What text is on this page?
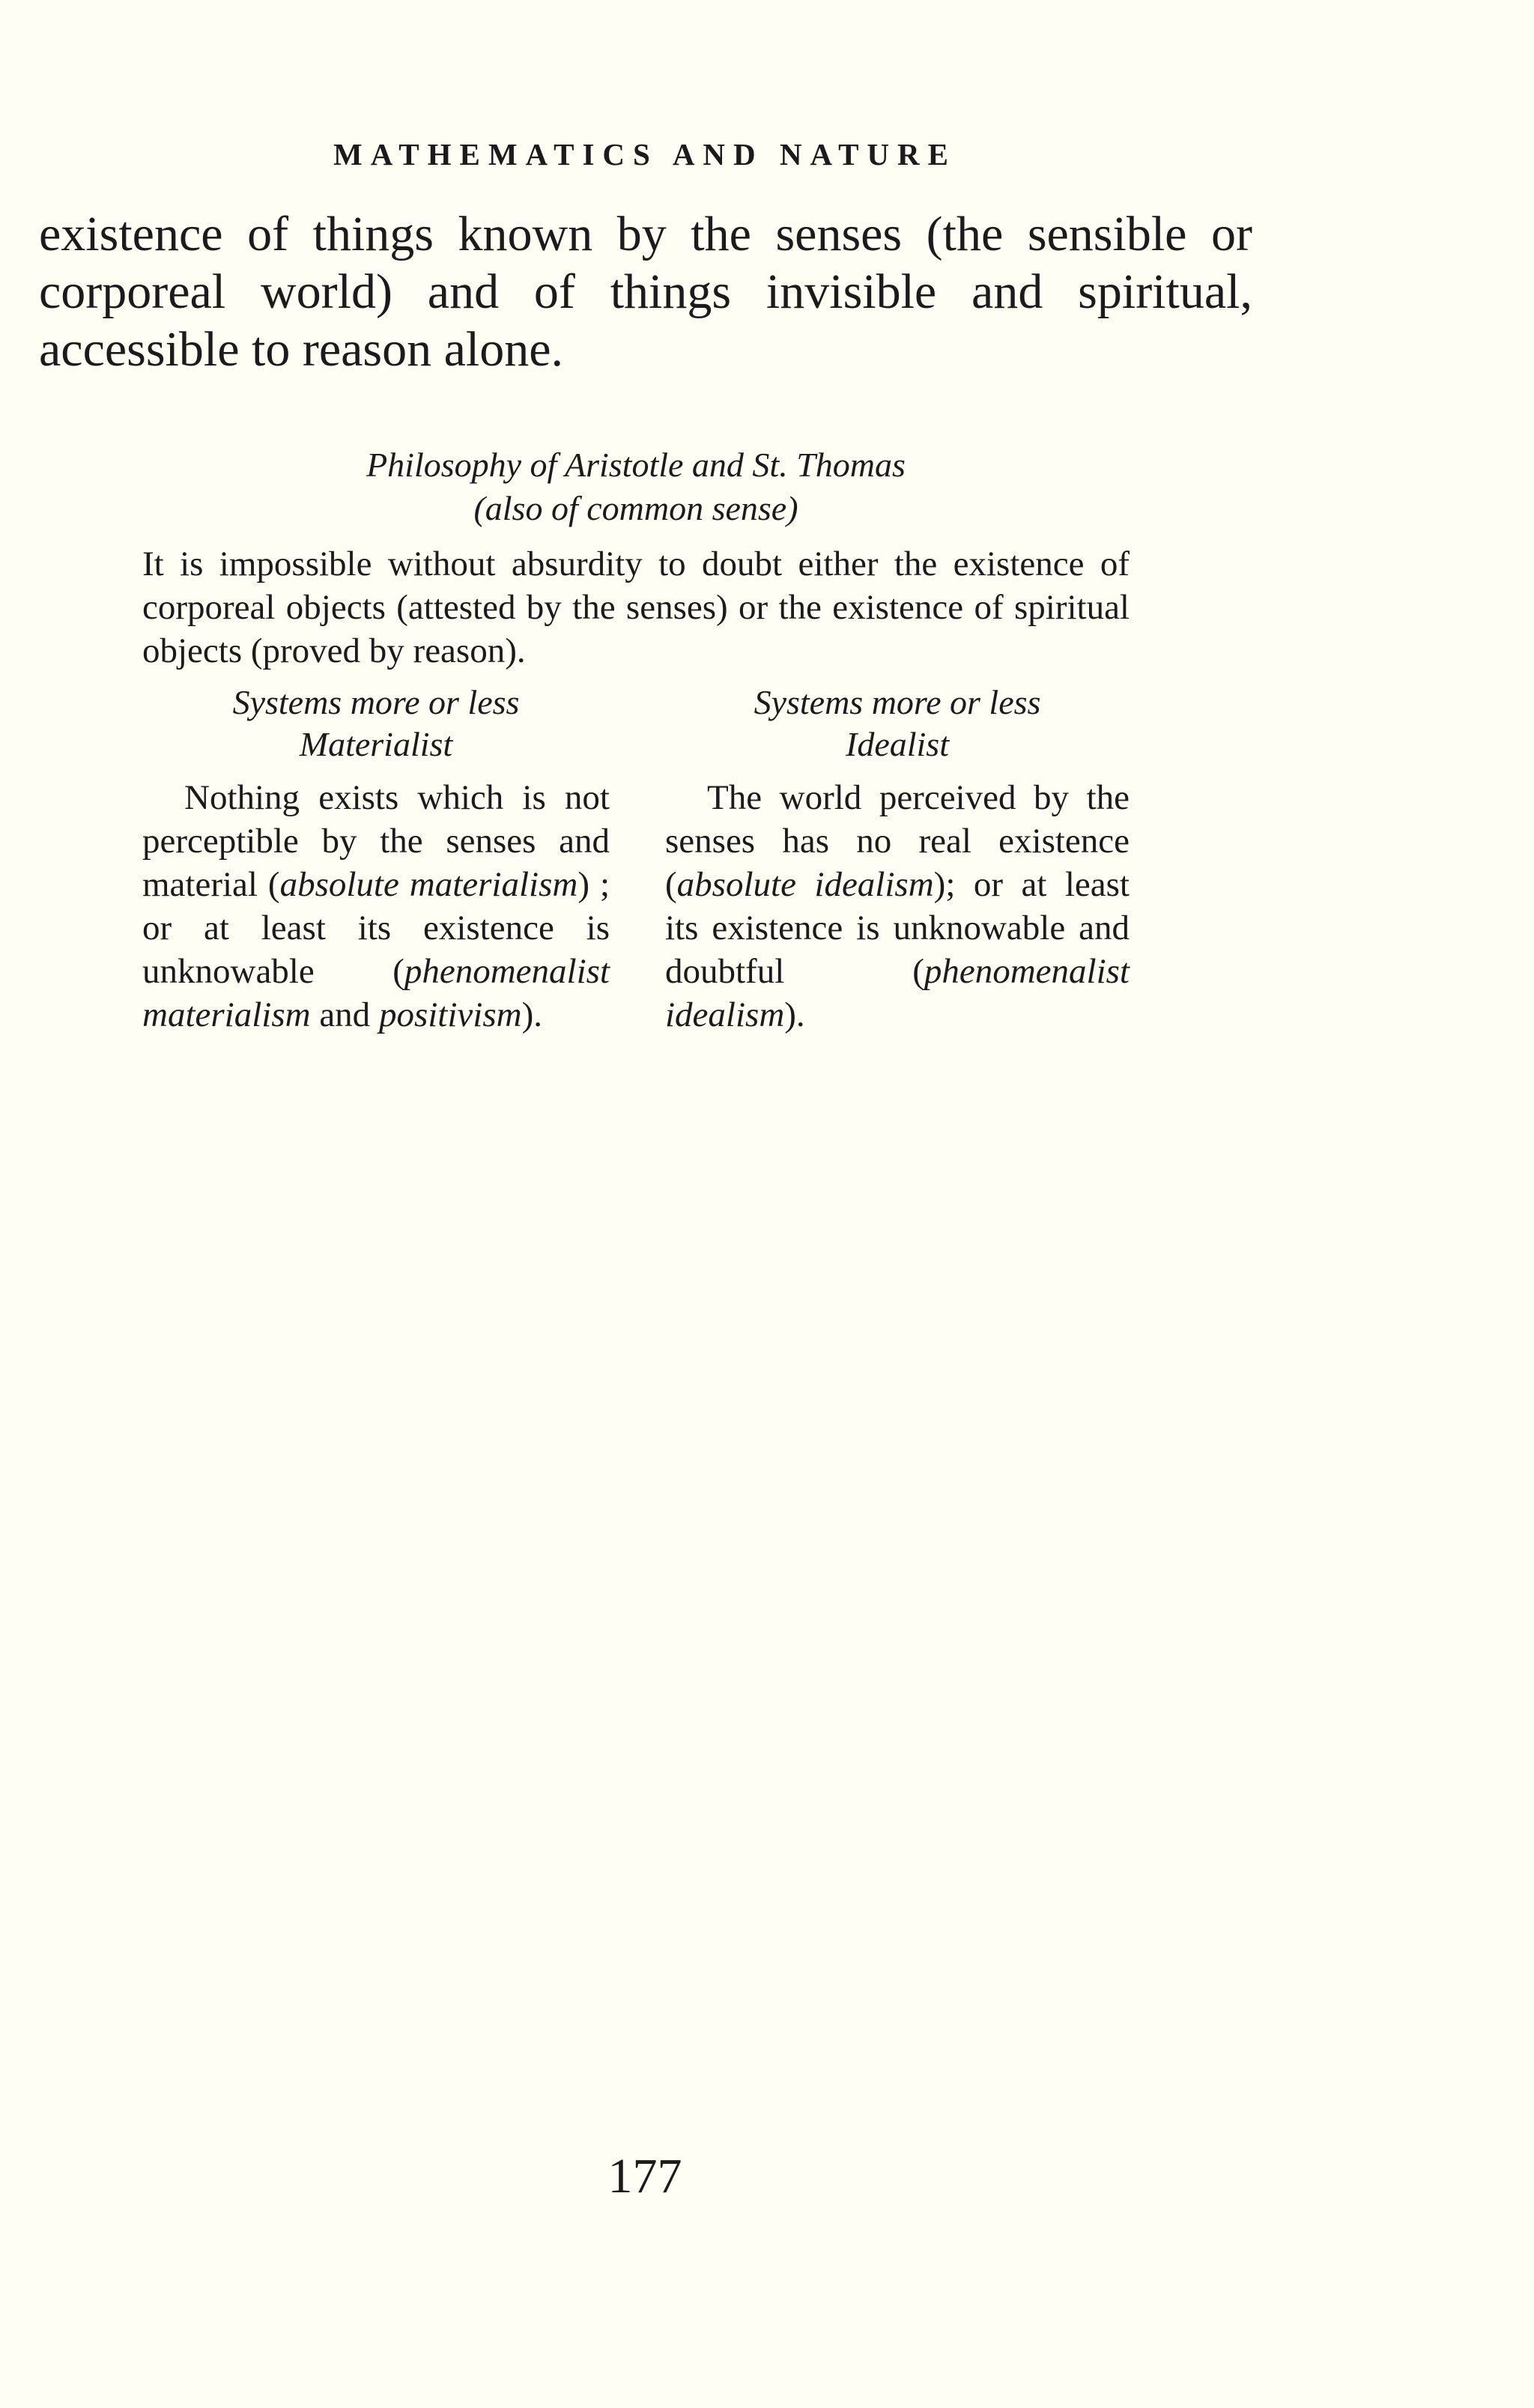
MATHEMATICS AND NATURE
existence of things known by the senses (the sensible or corporeal world) and of things invisible and spiritual, accessible to reason alone.
Philosophy of Aristotle and St. Thomas
(also of common sense)
It is impossible without absurdity to doubt either the existence of corporeal objects (attested by the senses) or the existence of spiritual objects (proved by reason).
Systems more or less
Materialist
Nothing exists which is not perceptible by the senses and material (absolute materialism) ; or at least its existence is unknowable (phenomenalist materialism and positivism).
Systems more or less
Idealist
The world perceived by the senses has no real existence (absolute idealism); or at least its existence is unknowable and doubtful (phenomenalist idealism).
177
